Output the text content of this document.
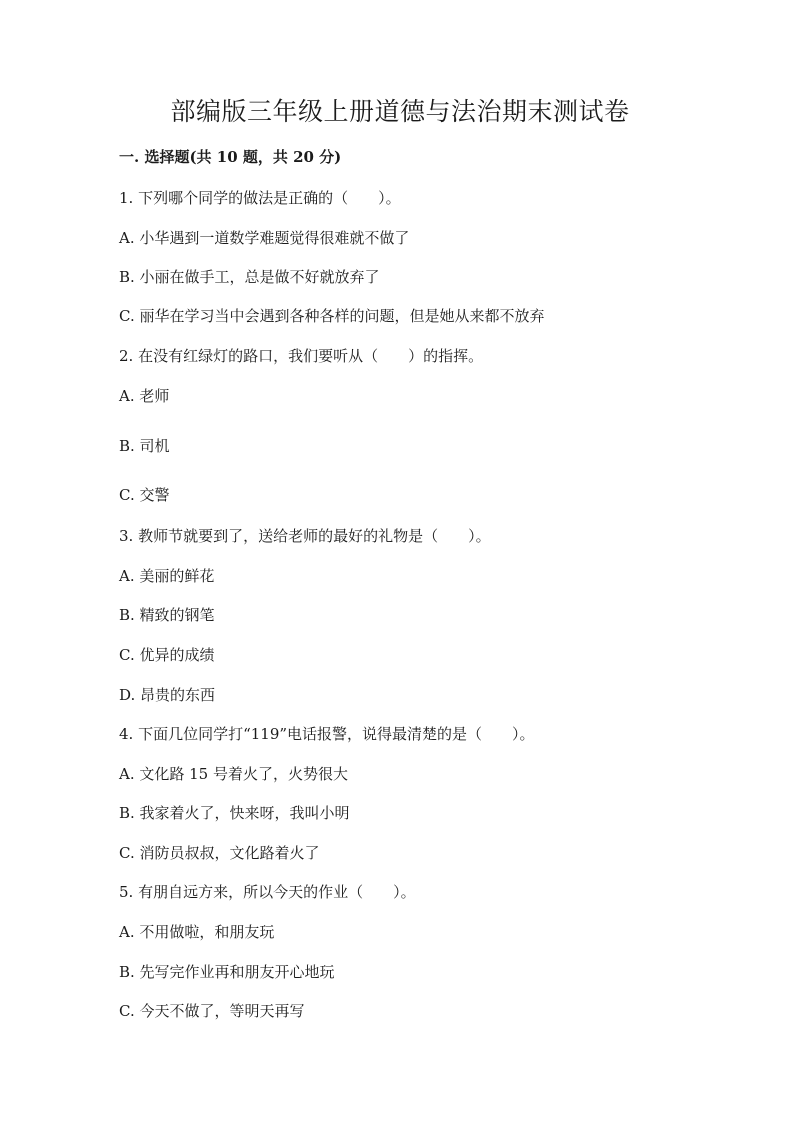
部编版三年级上册道德与法治期末测试卷
一. 选择题(共 10 题，共 20 分)
1. 下列哪个同学的做法是正确的（　　）。
A. 小华遇到一道数学难题觉得很难就不做了
B. 小丽在做手工，总是做不好就放弃了
C. 丽华在学习当中会遇到各种各样的问题，但是她从来都不放弃
2. 在没有红绿灯的路口，我们要听从（　　）的指挥。
A. 老师
B. 司机
C. 交警
3. 教师节就要到了，送给老师的最好的礼物是（　　）。
A. 美丽的鲜花
B. 精致的钢笔
C. 优异的成绩
D. 昂贵的东西
4. 下面几位同学打“119”电话报警，说得最清楚的是（　　）。
A. 文化路 15 号着火了，火势很大
B. 我家着火了，快来呀，我叫小明
C. 消防员叔叔，文化路着火了
5. 有朋自远方来，所以今天的作业（　　）。
A. 不用做啦，和朋友玩
B. 先写完作业再和朋友开心地玩
C. 今天不做了，等明天再写
